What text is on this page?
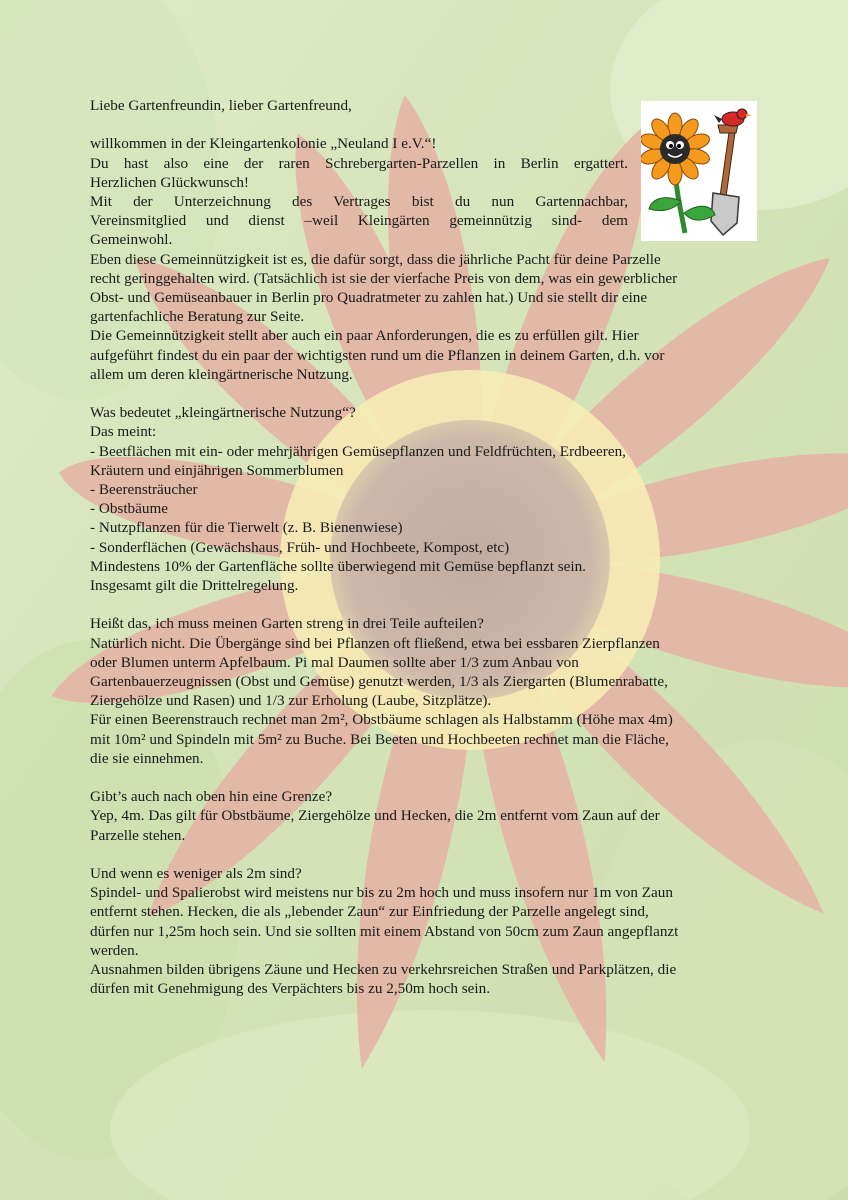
Liebe Gartenfreundin, lieber Gartenfreund,
willkommen in der Kleingartenkolonie „Neuland I e.V.“!
Du hast also eine der raren Schrebergarten-Parzellen in Berlin ergattert.
Herzlichen Glückwunsch!
Mit der Unterzeichnung des Vertrages bist du nun Gartennachbar,
Vereinsmitglied und dienst –weil Kleingärten gemeinnützig sind- dem
Gemeinwohl.
Eben diese Gemeinnützigkeit ist es, die dafür sorgt, dass die jährliche Pacht für deine Parzelle
recht geringgehalten wird. (Tatsächlich ist sie der vierfache Preis von dem, was ein gewerblicher
Obst- und Gemüseanbauer in Berlin pro Quadratmeter zu zahlen hat.) Und sie stellt dir eine
gartenfachliche Beratung zur Seite.
Die Gemeinnützigkeit stellt aber auch ein paar Anforderungen, die es zu erfüllen gilt. Hier
aufgeführt findest du ein paar der wichtigsten rund um die Pflanzen in deinem Garten, d.h. vor
allem um deren kleingärtnerische Nutzung.
Was bedeutet „kleingärtnerische Nutzung“?
Das meint:
- Beetflächen mit ein- oder mehrjährigen Gemüsepflanzen und Feldfrüchten, Erdbeeren,
Kräutern und einjährigen Sommerblumen
- Beerensträucher
- Obstbäume
- Nutzpflanzen für die Tierwelt (z. B. Bienenwiese)
- Sonderflächen (Gewächshaus, Früh- und Hochbeete, Kompost, etc)
Mindestens 10% der Gartenfläche sollte überwiegend mit Gemüse bepflanzt sein.
Insgesamt gilt die Drittelregelung.
Heißt das, ich muss meinen Garten streng in drei Teile aufteilen?
Natürlich nicht. Die Übergänge sind bei Pflanzen oft fließend, etwa bei essbaren Zierpflanzen
oder Blumen unterm Apfelbaum. Pi mal Daumen sollte aber 1/3 zum Anbau von
Gartenbauerzeugnissen (Obst und Gemüse) genutzt werden, 1/3 als Ziergarten (Blumenrabatte,
Ziergehölze und Rasen) und 1/3 zur Erholung (Laube, Sitzplätze).
Für einen Beerenstrauch rechnet man 2m², Obstbäume schlagen als Halbstamm (Höhe max 4m)
mit 10m² und Spindeln mit 5m² zu Buche. Bei Beeten und Hochbeeten rechnet man die Fläche,
die sie einnehmen.
Gibt’s auch nach oben hin eine Grenze?
Yep, 4m. Das gilt für Obstbäume, Ziergehölze und Hecken, die 2m entfernt vom Zaun auf der
Parzelle stehen.
Und wenn es weniger als 2m sind?
Spindel- und Spalierobst wird meistens nur bis zu 2m hoch und muss insofern nur 1m von Zaun
entfernt stehen. Hecken, die als „lebender Zaun“ zur Einfriedung der Parzelle angelegt sind,
dürfen nur 1,25m hoch sein. Und sie sollten mit einem Abstand von 50cm zum Zaun angepflanzt
werden.
Ausnahmen bilden übrigens Zäune und Hecken zu verkehrsreichen Straßen und Parkplätzen, die
dürfen mit Genehmigung des Verpächters bis zu 2,50m hoch sein.
